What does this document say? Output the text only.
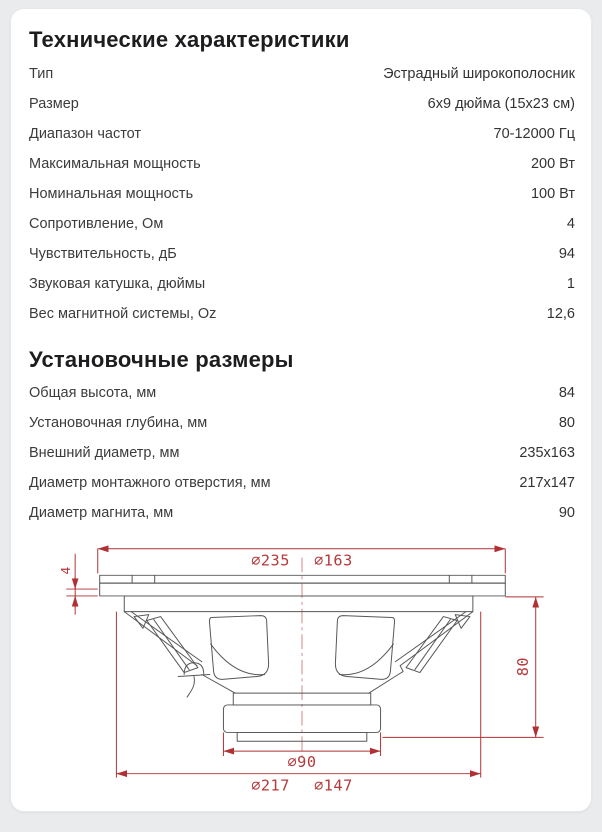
Технические характеристики
Тип	Эстрадный широкополосник
Размер	6x9 дюйма (15x23 см)
Диапазон частот	70-12000 Гц
Максимальная мощность	200 Вт
Номинальная мощность	100 Вт
Сопротивление, Ом	4
Чувствительность, дБ	94
Звуковая катушка, дюймы	1
Вес магнитной системы, Oz	12,6
Установочные размеры
Общая высота, мм	84
Установочная глубина, мм	80
Внешний диаметр, мм	235x163
Диаметр монтажного отверстия, мм	217x147
Диаметр магнита, мм	90
∅235 ∅163
4
80
∅90
∅217 ∅147
